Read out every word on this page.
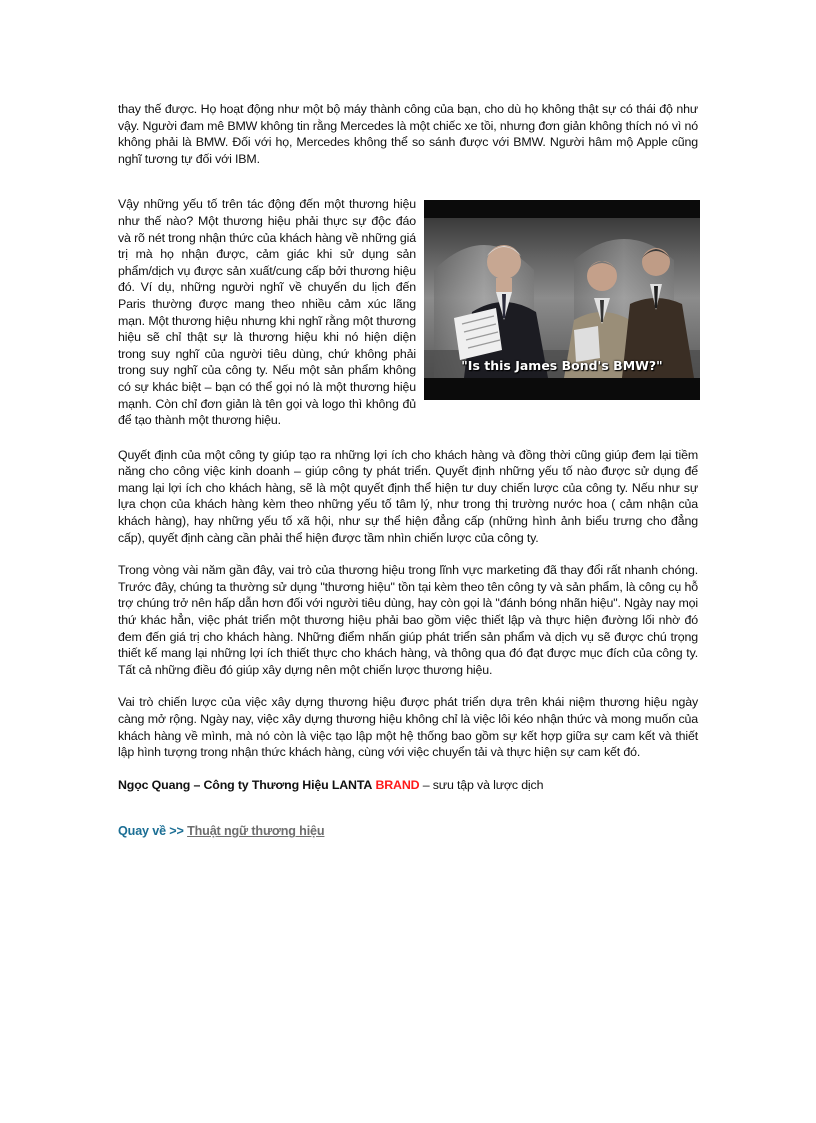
thay thế được. Họ hoạt động như một bộ máy thành công của bạn, cho dù họ không thật sự có thái độ như vậy. Người đam mê BMW không tin rằng Mercedes là một chiếc xe tồi, nhưng đơn giản không thích nó vì nó không phải là BMW. Đối với họ, Mercedes không thể so sánh được với BMW. Người hâm mộ Apple cũng nghĩ tương tự đối với IBM.

"Is this James Bond's BMW?"

Vậy những yếu tố trên tác động đến một thương hiệu như thế nào? Một thương hiệu phải thực sự độc đáo và rõ nét trong nhận thức của khách hàng về những giá trị mà họ nhận được, cảm giác khi sử dụng sản phẩm/dịch vụ được sản xuất/cung cấp bởi thương hiệu đó. Ví dụ, những người nghĩ về chuyến du lịch đến Paris thường được mang theo nhiều cảm xúc lãng mạn. Một thương hiệu nhưng khi nghĩ rằng một thương hiệu sẽ chỉ thật sự là thương hiệu khi nó hiện diện trong suy nghĩ của người tiêu dùng, chứ không phải trong suy nghĩ của công ty. Nếu một sản phẩm không có sự khác biệt – bạn có thể gọi nó là một thương hiệu mạnh. Còn chỉ đơn giản là tên gọi và logo thì không đủ để tạo thành một thương hiệu.

Quyết định của một công ty giúp tạo ra những lợi ích cho khách hàng và đồng thời cũng giúp đem lại tiềm năng cho công việc kinh doanh – giúp công ty phát triển. Quyết định những yếu tố nào được sử dụng để mang lại lợi ích cho khách hàng, sẽ là một quyết định thể hiện tư duy chiến lược của công ty. Nếu như sự lựa chọn của khách hàng kèm theo những yếu tố tâm lý, như trong thị trường nước hoa ( cảm nhận của khách hàng), hay những yếu tố xã hội, như sự thể hiện đẳng cấp (những hình ảnh biểu trưng cho đẳng cấp), quyết định càng cần phải thể hiện được tầm nhìn chiến lược của công ty.

Trong vòng vài năm gần đây, vai trò của thương hiệu trong lĩnh vực marketing đã thay đổi rất nhanh chóng. Trước đây, chúng ta thường sử dụng "thương hiệu" tồn tại kèm theo tên công ty và sản phẩm, là công cụ hỗ trợ chúng trở nên hấp dẫn hơn đối với người tiêu dùng, hay còn gọi là "đánh bóng nhãn hiệu". Ngày nay mọi thứ khác hẳn, việc phát triển một thương hiệu phải bao gồm việc thiết lập và thực hiện đường lối nhờ đó đem đến giá trị cho khách hàng. Những điểm nhấn giúp phát triển sản phẩm và dịch vụ sẽ được chú trọng thiết kế mang lại những lợi ích thiết thực cho khách hàng, và thông qua đó đạt được mục đích của công ty. Tất cả những điều đó giúp xây dựng nên một chiến lược thương hiệu.

Vai trò chiến lược của việc xây dựng thương hiệu được phát triển dựa trên khái niệm thương hiệu ngày càng mở rộng. Ngày nay, việc xây dựng thương hiệu không chỉ là việc lôi kéo nhận thức và mong muốn của khách hàng về mình, mà nó còn là việc tạo lập một hệ thống bao gồm sự kết hợp giữa sự cam kết và thiết lập hình tượng trong nhận thức khách hàng, cùng với việc chuyển tải và thực hiện sự cam kết đó.

Ngọc Quang – Công ty Thương Hiệu LANTA BRAND – sưu tập và lược dịch

Quay về >> Thuật ngữ thương hiệu
